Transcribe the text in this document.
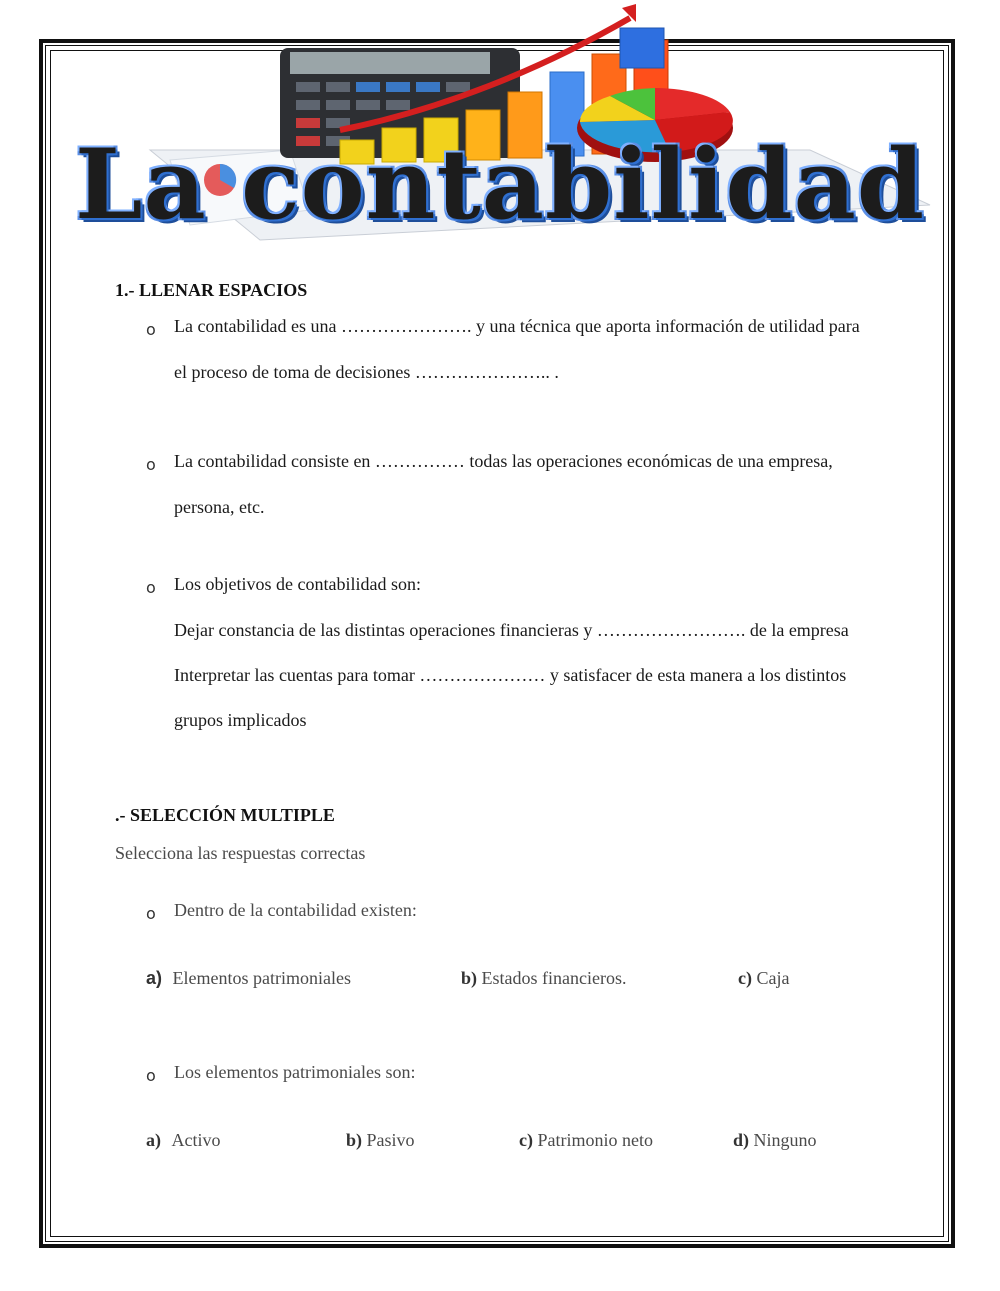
La contabilidad
1.- LLENAR ESPACIOS
o La contabilidad es una …………………. y una técnica que aporta información de utilidad para
el proceso de toma de decisiones ………………….. .
o La contabilidad consiste en …………… todas las operaciones económicas de una empresa,
persona, etc.
o Los objetivos de contabilidad son:
Dejar constancia de las distintas operaciones financieras y ……………………. de la empresa
Interpretar las cuentas para tomar ………………… y satisfacer de esta manera a los distintos
grupos implicados
.- SELECCIÓN MULTIPLE
Selecciona las respuestas correctas
o Dentro de la contabilidad existen:
a) Elementos patrimoniales	b) Estados financieros.	c) Caja
o Los elementos patrimoniales son:
a) Activo	b) Pasivo	c) Patrimonio neto	d) Ninguno
